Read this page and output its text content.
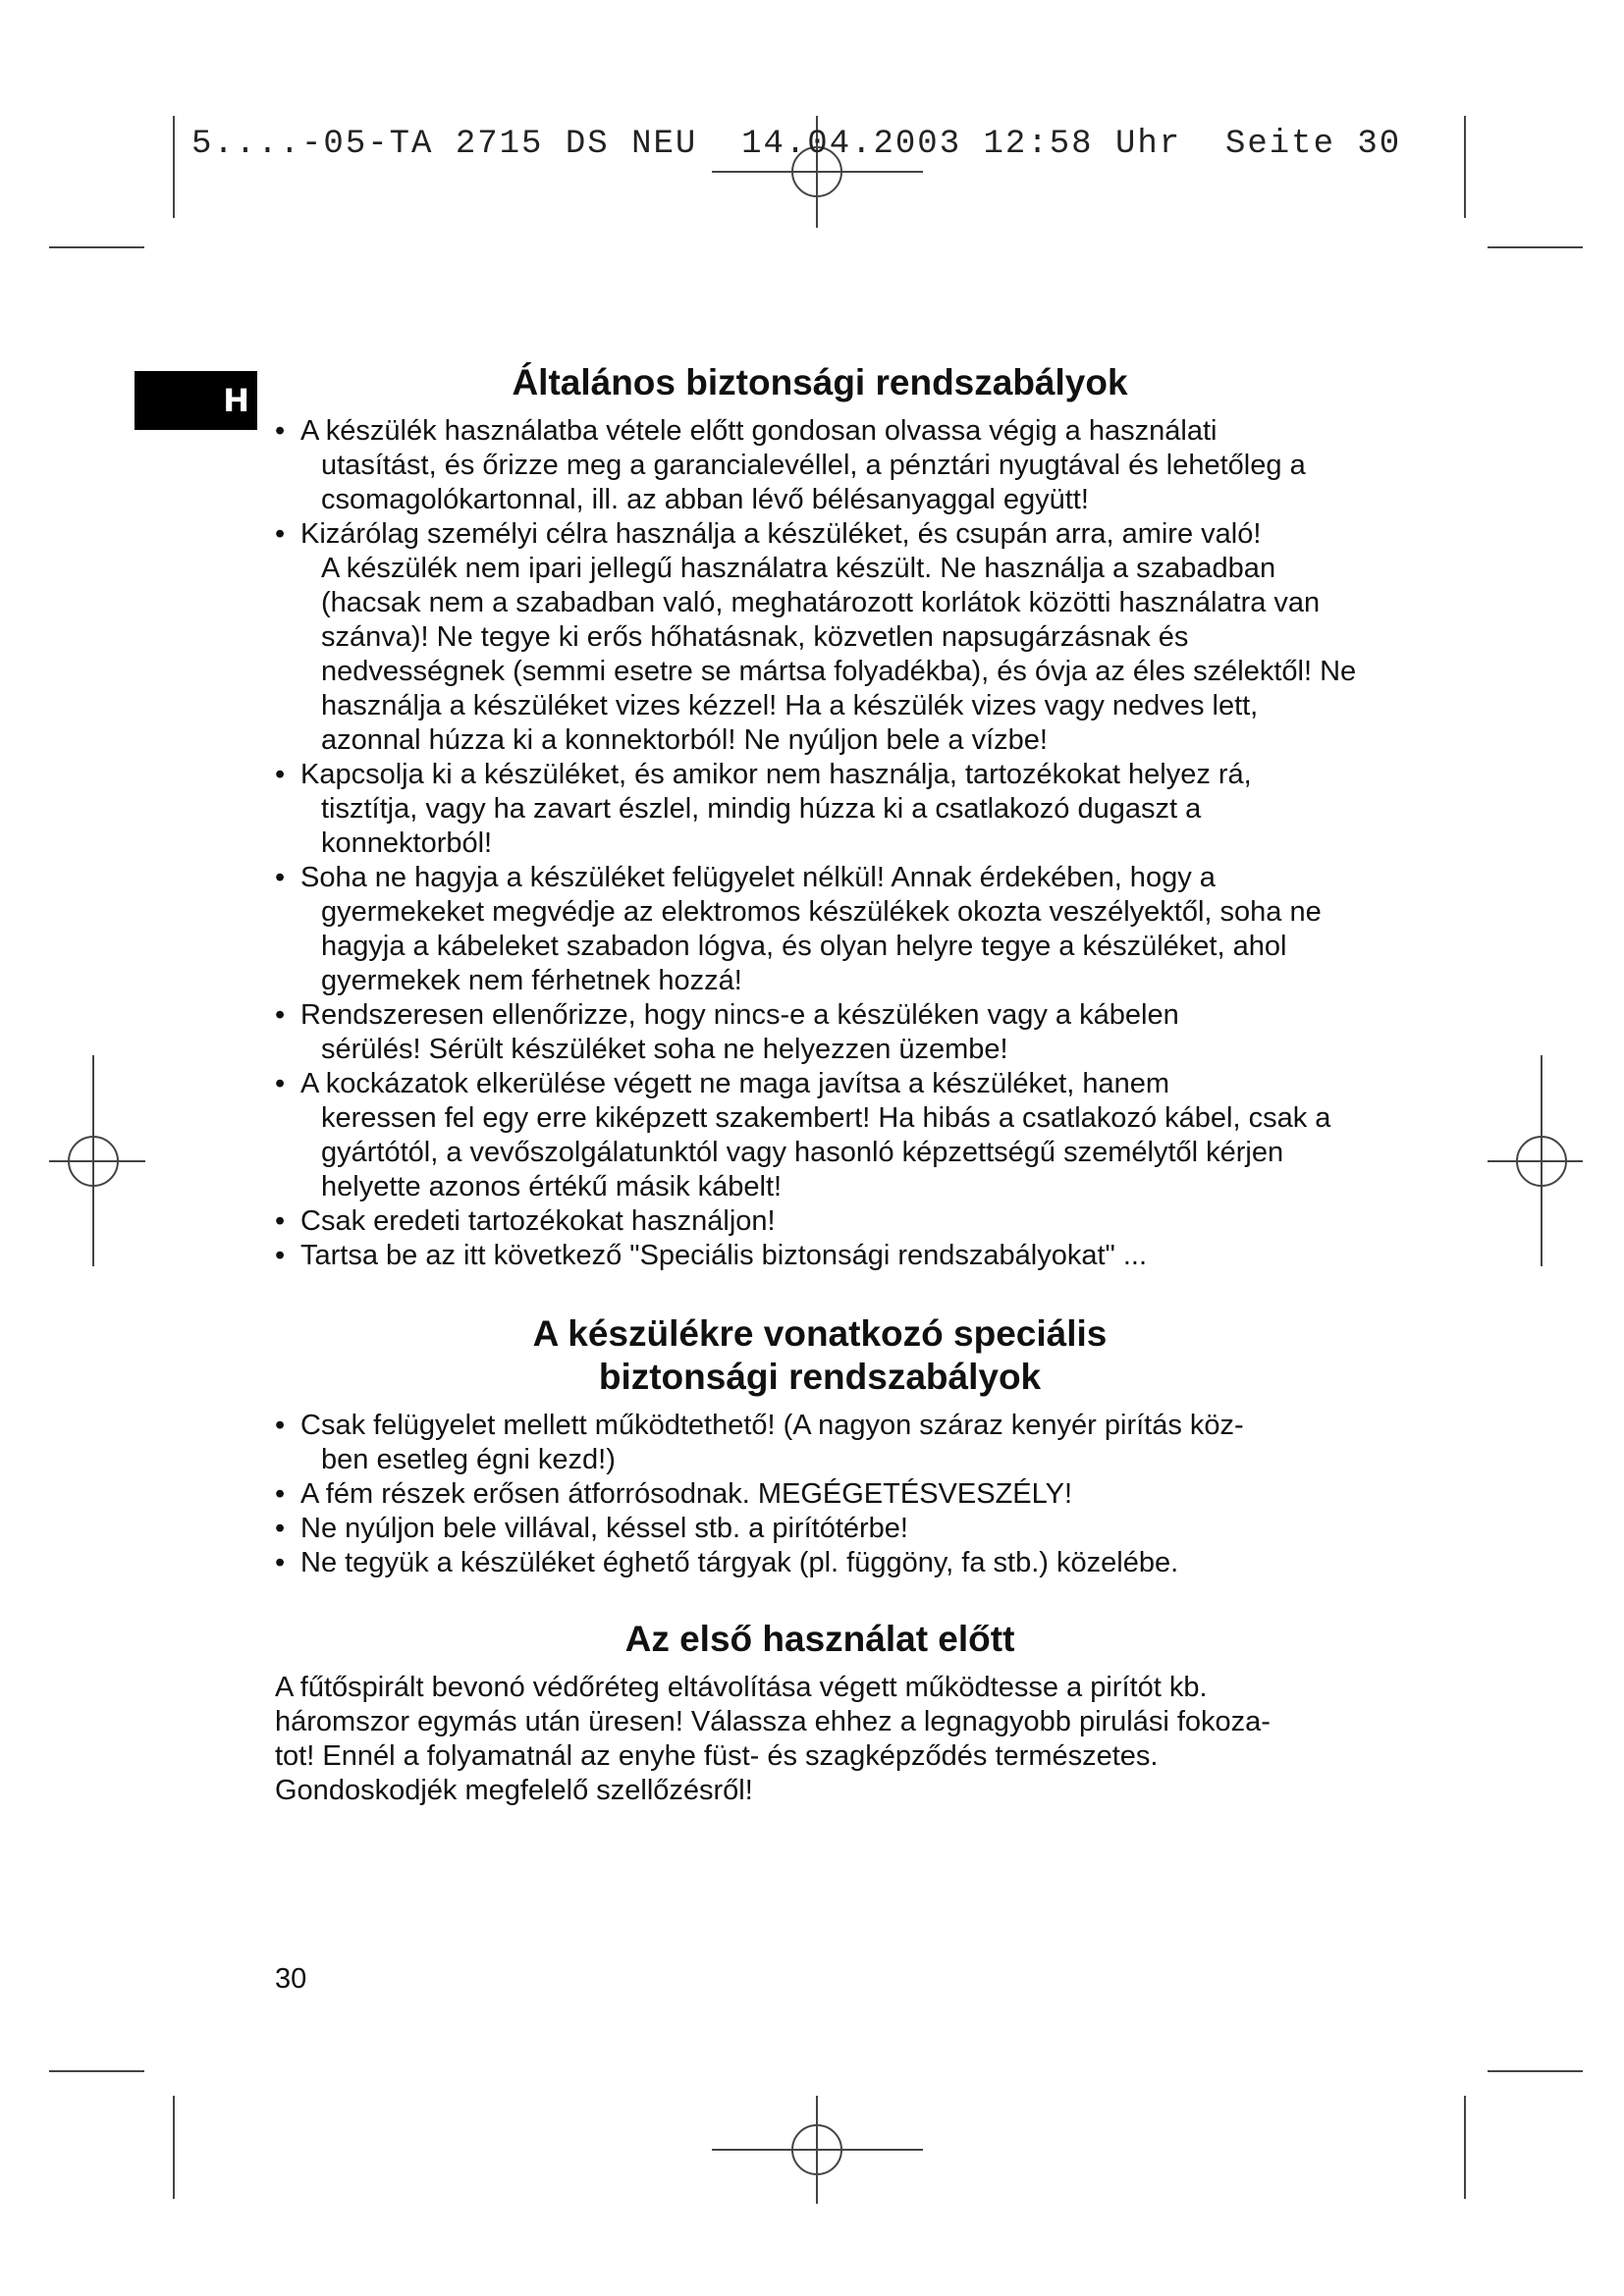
5....-05-TA 2715 DS NEU  14.04.2003 12:58 Uhr  Seite 30
H	Általános biztonsági rendszabályok
• A készülék használatba vétele előtt gondosan olvassa végig a használati
utasítást, és őrizze meg a garancialevéllel, a pénztári nyugtával és lehetőleg a csomagolókartonnal, ill. az abban lévő bélésanyaggal együtt!
• Kizárólag személyi célra használja a készüléket, és csupán arra, amire való!
A készülék nem ipari jellegű használatra készült. Ne használja a szabadban (hacsak nem a szabadban való, meghatározott korlátok közötti használatra van szánva)! Ne tegye ki erős hőhatásnak, közvetlen napsugárzásnak és nedvességnek (semmi esetre se mártsa folyadékba), és óvja az éles szélektől! Ne használja a készüléket vizes kézzel! Ha a készülék vizes vagy nedves lett, azonnal húzza ki a konnektorból! Ne nyúljon bele a vízbe!
• Kapcsolja ki a készüléket, és amikor nem használja, tartozékokat helyez rá,
tisztítja, vagy ha zavart észlel, mindig húzza ki a csatlakozó dugaszt a konnektorból!
• Soha ne hagyja a készüléket felügyelet nélkül! Annak érdekében, hogy a
gyermekeket megvédje az elektromos készülékek okozta veszélyektől, soha ne hagyja a kábeleket szabadon lógva, és olyan helyre tegye a készüléket, ahol gyermekek nem férhetnek hozzá!
• Rendszeresen ellenőrizze, hogy nincs-e a készüléken vagy a kábelen
sérülés! Sérült készüléket soha ne helyezzen üzembe!
• A kockázatok elkerülése végett ne maga javítsa a készüléket, hanem
keressen fel egy erre kiképzett szakembert! Ha hibás a csatlakozó kábel, csak a gyártótól, a vevőszolgálatunktól vagy hasonló képzettségű személytől kérjen helyette azonos értékű másik kábelt!
• Csak eredeti tartozékokat használjon!
• Tartsa be az itt következő "Speciális biztonsági rendszabályokat" ...
A készülékre vonatkozó speciális
biztonsági rendszabályok
• Csak felügyelet mellett működtethető! (A nagyon száraz kenyér pirítás köz-
ben esetleg égni kezd!)
• A fém részek erősen átforrósodnak. MEGÉGETÉSVESZÉLY!
• Ne nyúljon bele villával, késsel stb. a pirítótérbe!
• Ne tegyük a készüléket éghető tárgyak (pl. függöny, fa stb.) közelébe.
Az első használat előtt

A fűtőspirált bevonó védőréteg eltávolítása végett működtesse a pirítót kb.
háromszor egymás után üresen! Válassza ehhez a legnagyobb pirulási fokoza-
tot! Ennél a folyamatnál az enyhe füst- és szagképződés természetes.
Gondoskodjék megfelelő szellőzésről!

30
